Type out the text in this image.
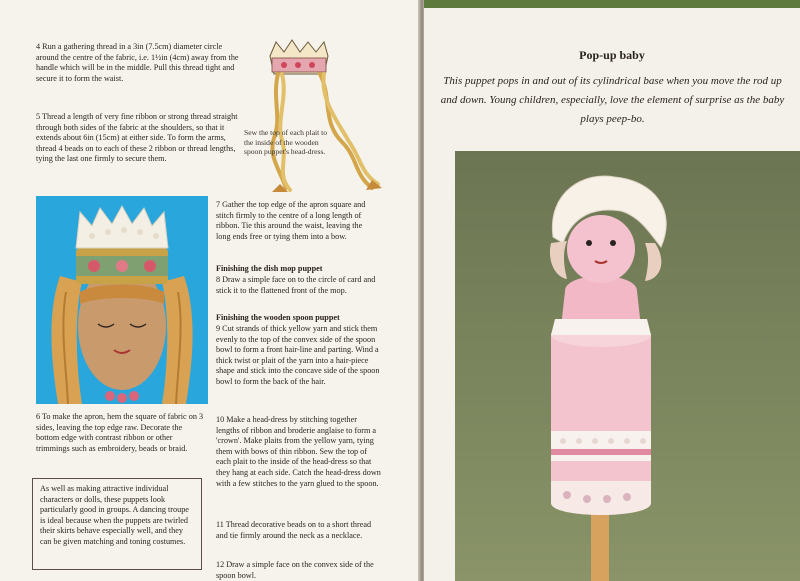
4 Run a gathering thread in a 3in (7.5cm) diameter circle around the centre of the fabric, i.e. 1½in (4cm) away from the handle which will be in the middle. Pull this thread tight and secure it to form the waist.
5 Thread a length of very fine ribbon or strong thread straight through both sides of the fabric at the shoulders, so that it extends about 6in (15cm) at either side. To form the arms, thread 4 beads on to each of these 2 ribbon or thread lengths, tying the last one firmly to secure them.
Sew the top of each plait to the inside of the wooden spoon puppet's head-dress.
7 Gather the top edge of the apron square and stitch firmly to the centre of a long length of ribbon. Tie this around the waist, leaving the long ends free or tying them into a bow.
Finishing the dish mop puppet
8 Draw a simple face on to the circle of card and stick it to the flattened front of the mop.
Finishing the wooden spoon puppet
9 Cut strands of thick yellow yarn and stick them evenly to the top of the convex side of the spoon bowl to form a front hair-line and parting. Wind a thick twist or plait of the yarn into a hair-piece shape and stick into the concave side of the spoon bowl to form the back of the hair.
6 To make the apron, hem the square of fabric on 3 sides, leaving the top edge raw. Decorate the bottom edge with contrast ribbon or other trimmings such as embroidery, beads or braid.
10 Make a head-dress by stitching together lengths of ribbon and broderie anglaise to form a 'crown'. Make plaits from the yellow yarn, tying them with bows of thin ribbon. Sew the top of each plait to the inside of the head-dress so that they hang at each side. Catch the head-dress down with a few stitches to the yarn glued to the spoon.
As well as making attractive individual characters or dolls, these puppets look particularly good in groups. A dancing troupe is ideal because when the puppets are twirled their skirts behave especially well, and they can be given matching and toning costumes.
11 Thread decorative beads on to a short thread and tie firmly around the neck as a necklace.
12 Draw a simple face on the convex side of the spoon bowl.
Pop-up baby
This puppet pops in and out of its cylindrical base when you move the rod up and down. Young children, especially, love the element of surprise as the baby plays peep-bo.
